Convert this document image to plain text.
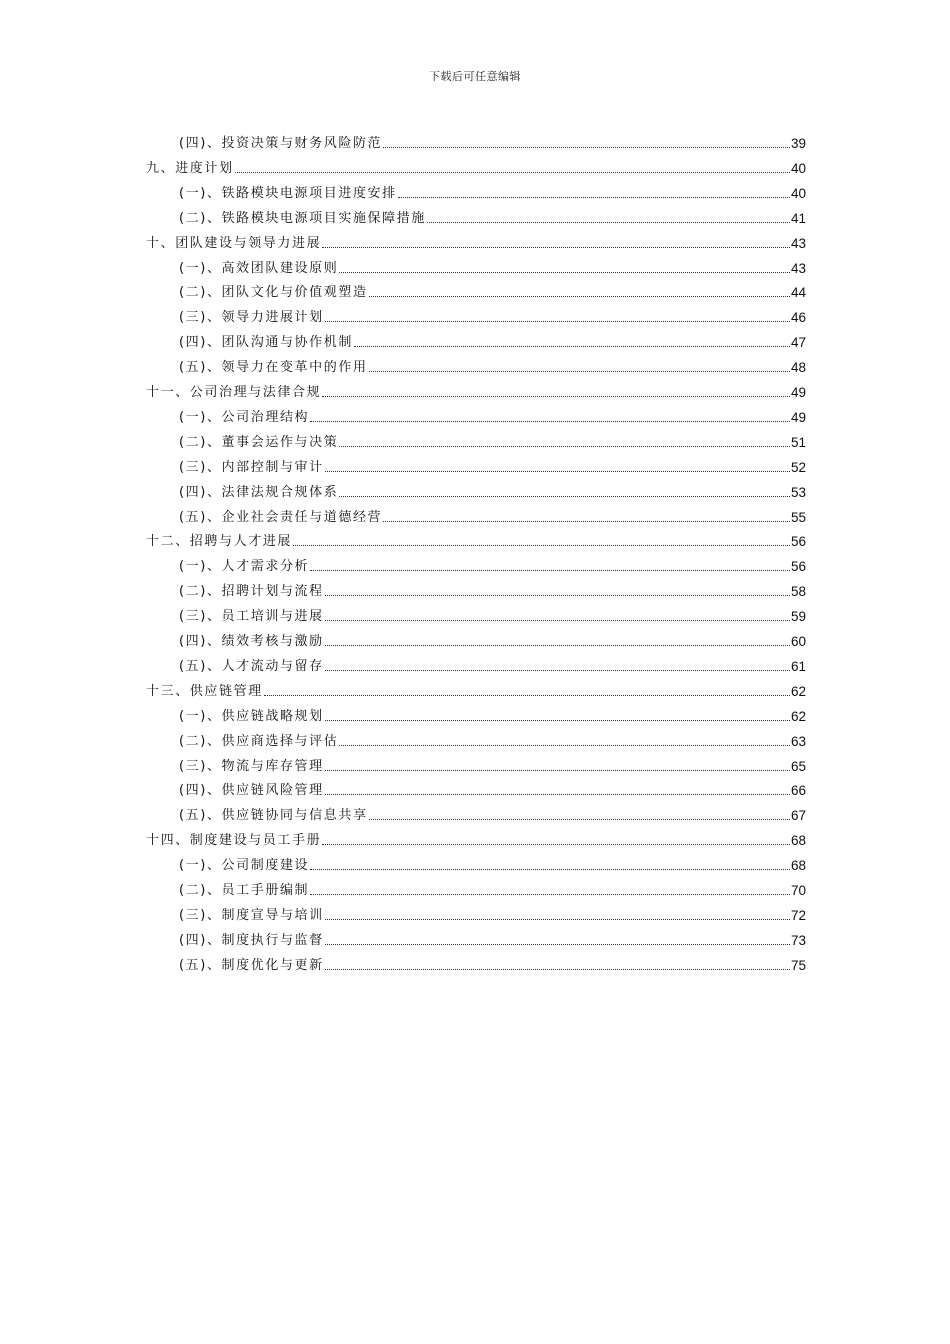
下载后可任意编辑
(四)、投资决策与财务风险防范	39
九、进度计划	40
(一)、铁路模块电源项目进度安排	40
(二)、铁路模块电源项目实施保障措施	41
十、团队建设与领导力进展	43
(一)、高效团队建设原则	43
(二)、团队文化与价值观塑造	44
(三)、领导力进展计划	46
(四)、团队沟通与协作机制	47
(五)、领导力在变革中的作用	48
十一、公司治理与法律合规	49
(一)、公司治理结构	49
(二)、董事会运作与决策	51
(三)、内部控制与审计	52
(四)、法律法规合规体系	53
(五)、企业社会责任与道德经营	55
十二、招聘与人才进展	56
(一)、人才需求分析	56
(二)、招聘计划与流程	58
(三)、员工培训与进展	59
(四)、绩效考核与激励	60
(五)、人才流动与留存	61
十三、供应链管理	62
(一)、供应链战略规划	62
(二)、供应商选择与评估	63
(三)、物流与库存管理	65
(四)、供应链风险管理	66
(五)、供应链协同与信息共享	67
十四、制度建设与员工手册	68
(一)、公司制度建设	68
(二)、员工手册编制	70
(三)、制度宣导与培训	72
(四)、制度执行与监督	73
(五)、制度优化与更新	75
